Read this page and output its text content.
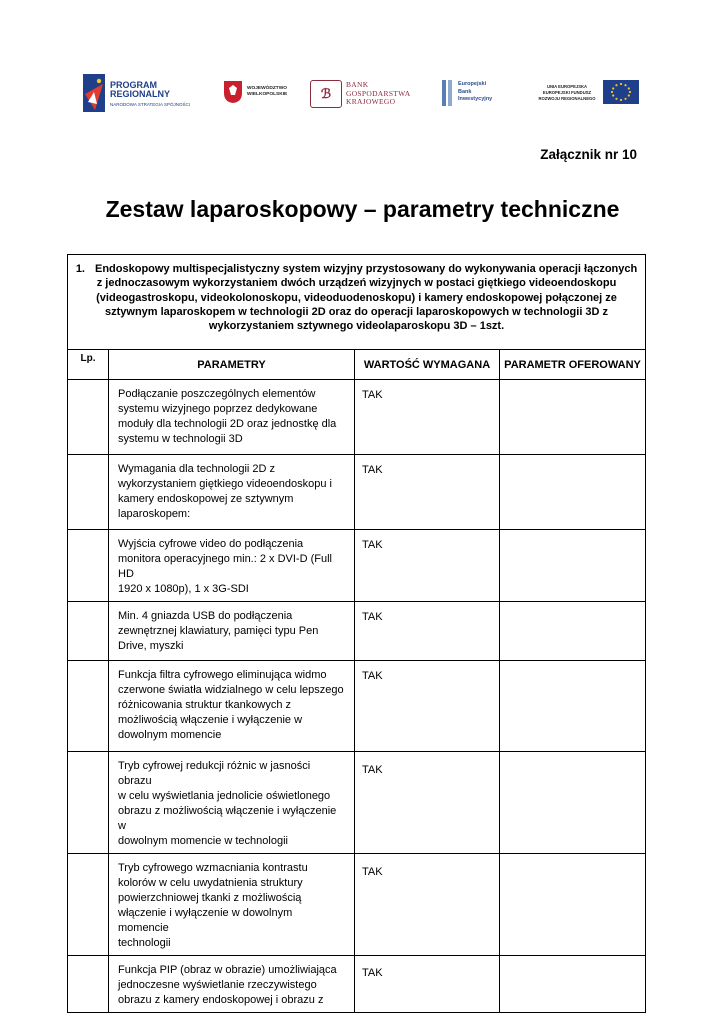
PROGRAM
REGIONALNY
NARODOWA STRATEGIA SPÓJNOŚCI
WOJEWÓDZTWO
WIELKOPOLSKIE	ℬ
BANK
GOSPODARSTWA
KRAJOWEGO
Europejski
Bank
Inwestycyjny
UNIA EUROPEJSKA
EUROPEJSKI FUNDUSZ
ROZWOJU REGIONALNEGO
Załącznik nr 10
Zestaw laparoskopowy – parametry techniczne
1. Endoskopowy multispecjalistyczny system wizyjny przystosowany do wykonywania operacji łączonych
z jednoczasowym wykorzystaniem dwóch urządzeń wizyjnych w postaci giętkiego videoendoskopu
(videogastroskopu, videokolonoskopu, videoduodenoskopu) i kamery endoskopowej połączonej ze
sztywnym laparoskopem w technologii 2D oraz do operacji laparoskopowych w technologii 3D z
wykorzystaniem sztywnego videolaparoskopu 3D – 1szt.			

Lp.	PARAMETRY	WARTOŚĆ WYMAGANA	PARAMETR OFEROWANY

	Podłączanie poszczególnych elementów
systemu wizyjnego poprzez dedykowane
moduły dla technologii 2D oraz jednostkę dla
systemu w technologii 3D	TAK	

	Wymagania dla technologii 2D z
wykorzystaniem giętkiego videoendoskopu i
kamery endoskopowej ze sztywnym
laparoskopem:	TAK	

	Wyjścia cyfrowe video do podłączenia
monitora operacyjnego min.: 2 x DVI-D (Full HD
1920 x 1080p), 1 x 3G-SDI	TAK	

	Min. 4 gniazda USB do podłączenia
zewnętrznej klawiatury, pamięci typu Pen
Drive, myszki	TAK	

	Funkcja filtra cyfrowego eliminująca widmo
czerwone światła widzialnego w celu lepszego
różnicowania struktur tkankowych z
możliwością włączenie i wyłączenie w
dowolnym momencie	TAK	

	Tryb cyfrowej redukcji różnic w jasności obrazu
w celu wyświetlania jednolicie oświetlonego
obrazu z możliwością włączenie i wyłączenie w
dowolnym momencie w technologii	TAK	

	Tryb cyfrowego wzmacniania kontrastu
kolorów w celu uwydatnienia struktury
powierzchniowej tkanki z możliwością
włączenie i wyłączenie w dowolnym momencie
technologii	TAK	

	Funkcja PIP (obraz w obrazie) umożliwiająca
jednoczesne wyświetlanie rzeczywistego
obrazu z kamery endoskopowej i obrazu z	TAK	
